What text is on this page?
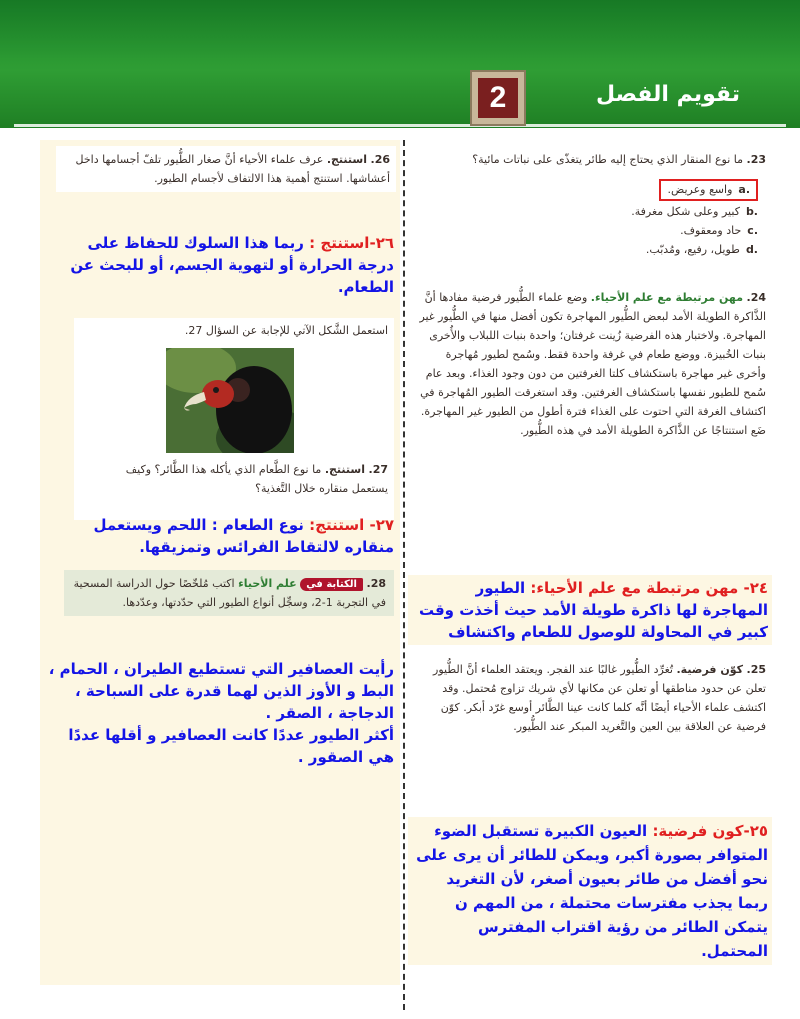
2	تقويم الفصل
23. ما نوع المنقار الذي يحتاج إليه طائر يتغذّى على نباتات مائية؟
a.
واسع وعريض.
b.
كبير وعلى شكل مغرفة.
c.
حاد ومعقوف.
d.
طويل، رفيع، ومُدبّب.
24. مهن مرتبطة مع علم الأحياء. وضع علماء الطُّيور فرضية مفادها أنَّ الذَّاكرة الطويلة الأمد لبعض الطُّيور المهاجرة تكون أفضل منها في الطُّيور غير المهاجرة. ولاختبار هذه الفرضية زُينت غرفتان؛ واحدة بنبات اللبلاب والأُخرى بنبات الخُبيزة. ووضع طعام في غرفة واحدة فقط. وسُمح لطيور مُهاجرة وأخرى غير مهاجرة باستكشاف كلتا الغرفتين من دون وجود الغذاء. وبعد عام سُمح للطيور نفسها باستكشاف الغرفتين. وقد استغرقت الطيور المُهاجرة في اكتشاف الغرفة التي احتوت على الغذاء فترة أطول من الطيور غير المهاجرة. ضَع استنتاجًا عن الذَّاكرة الطويلة الأمد في هذه الطُّيور.
٢٤- مهن مرتبطة مع علم الأحياء: الطيور المهاجرة لها ذاكرة طويلة الأمد حيث أخذت وقت كبير في المحاولة للوصول للطعام واكتشاف
25. كوّن فرضية. تُغرِّد الطُّيور غالبًا عند الفجر. ويعتقد العلماء أنَّ الطُّيور تعلن عن حدود مناطقها أو تعلن عن مكانها لأي شريك تزاوج مُحتمل. وقد اكتشف علماء الأحياء أيضًا أنَّه كلما كانت عينا الطَّائر أوسع غرّد أبكر. كوّن فرضية عن العلاقة بين العين والتَّغريد المبكر عند الطُّيور.
٢٥-كون فرضية: العيون الكبيرة تستقبل الضوء المتوافر بصورة أكبر، ويمكن للطائر أن يرى على نحو أفضل من طائر بعيون أصغر، لأن التغريد ربما يجذب مفترسات محتملة ، من المهم ن يتمكن الطائر من رؤية اقتراب المفترس المحتمل.
26. استنتج. عرف علماء الأحياء أنَّ صغار الطُّيور تلفّ أجسامها داخل أعشاشها. استنتج أهمية هذا الالتفاف لأجسام الطيور.
٢٦-استنتج : ربما هذا السلوك للحفاظ على درجة الحرارة أو لتهوية الجسم، أو للبحث عن الطعام.
استعمل الشَّكل الآتي للإجابة عن السؤال 27.
27. استنتج. ما نوع الطَّعام الذي يأكله هذا الطَّائر؟ وكيف يستعمل منقاره خلال التَّغذية؟
٢٧- استنتج: نوع الطعام : اللحم ويستعمل منقاره لالتقاط الفرائس وتمزيقها.
28. الكتابة في علم الأحياء اكتب مُلخّصًا حول الدراسة المسحية في التجربة 1-2، وسجِّل أنواع الطيور التي حدّدتها، وعدّدها.
رأيت العصافير التي تستطيع الطيران ، الحمام ، البط و الأوز الذين لهما قدرة على السباحة ، الدجاجة ، الصقر .
أكثر الطيور عددًا كانت العصافير و أقلها عددًا هي الصقور .
